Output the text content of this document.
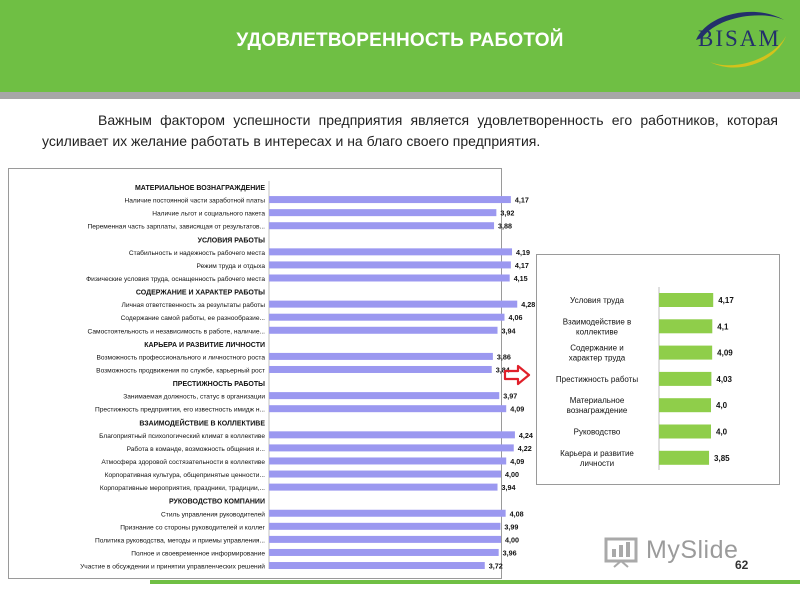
УДОВЛЕТВОРЕННОСТЬ РАБОТОЙ	BISAM
Важным фактором успешности предприятия является удовлетворенность его работников, которая усиливает их желание работать в интересах и на благо своего предприятия.
МАТЕРИАЛЬНОЕ ВОЗНАГРАЖДЕНИЕ
Наличие постоянной части заработной платы	4,17
Наличие льгот и социального пакета	3,92
Переменная часть зарплаты, зависящая от результатов...	3,88
УСЛОВИЯ РАБОТЫ
Стабильность и надежность рабочего места	4,19
Режим труда и отдыха	4,17
Физические условия труда, оснащенность рабочего места	4,15
СОДЕРЖАНИЕ И ХАРАКТЕР РАБОТЫ
Личная ответственность за результаты работы	4,28
Содержание самой работы, ее разнообразие...	4,06
Самостоятельность и независимость в работе, наличие...	3,94
КАРЬЕРА И РАЗВИТИЕ ЛИЧНОСТИ
Возможность профессионального и личностного роста	3,86
Возможность продвижения по службе, карьерный рост	3,84
ПРЕСТИЖНОСТЬ РАБОТЫ
Занимаемая должность, статус в организации	3,97
Престижность предприятия, его известность имидж н...	4,09
ВЗАИМОДЕЙСТВИЕ В КОЛЛЕКТИВЕ
Благоприятный психологический климат в коллективе	4,24
Работа в команде, возможность общения и...	4,22
Атмосфера здоровой состязательности в коллективе	4,09
Корпоративная культура, общепринятые ценности...	4,00
Корпоративные мероприятия, праздники, традиции,...	3,94
РУКОВОДСТВО КОМПАНИИ
Стиль управления руководителей	4,08
Признание со стороны руководителей и коллег	3,99
Политика руководства, методы и приемы управления...	4,00
Полное и своевременное информирование	3,96
Участие в обсуждении и принятии управленческих решений	3,72
4,17
Условия труда
4,1
Взаимодействие в коллективе
4,09
Содержание и характер труда
4,03
Престижность работы
4,0
Материальное вознаграждение
4,0
Руководство
3,85
Карьера и развитие личности
MySlide
62
